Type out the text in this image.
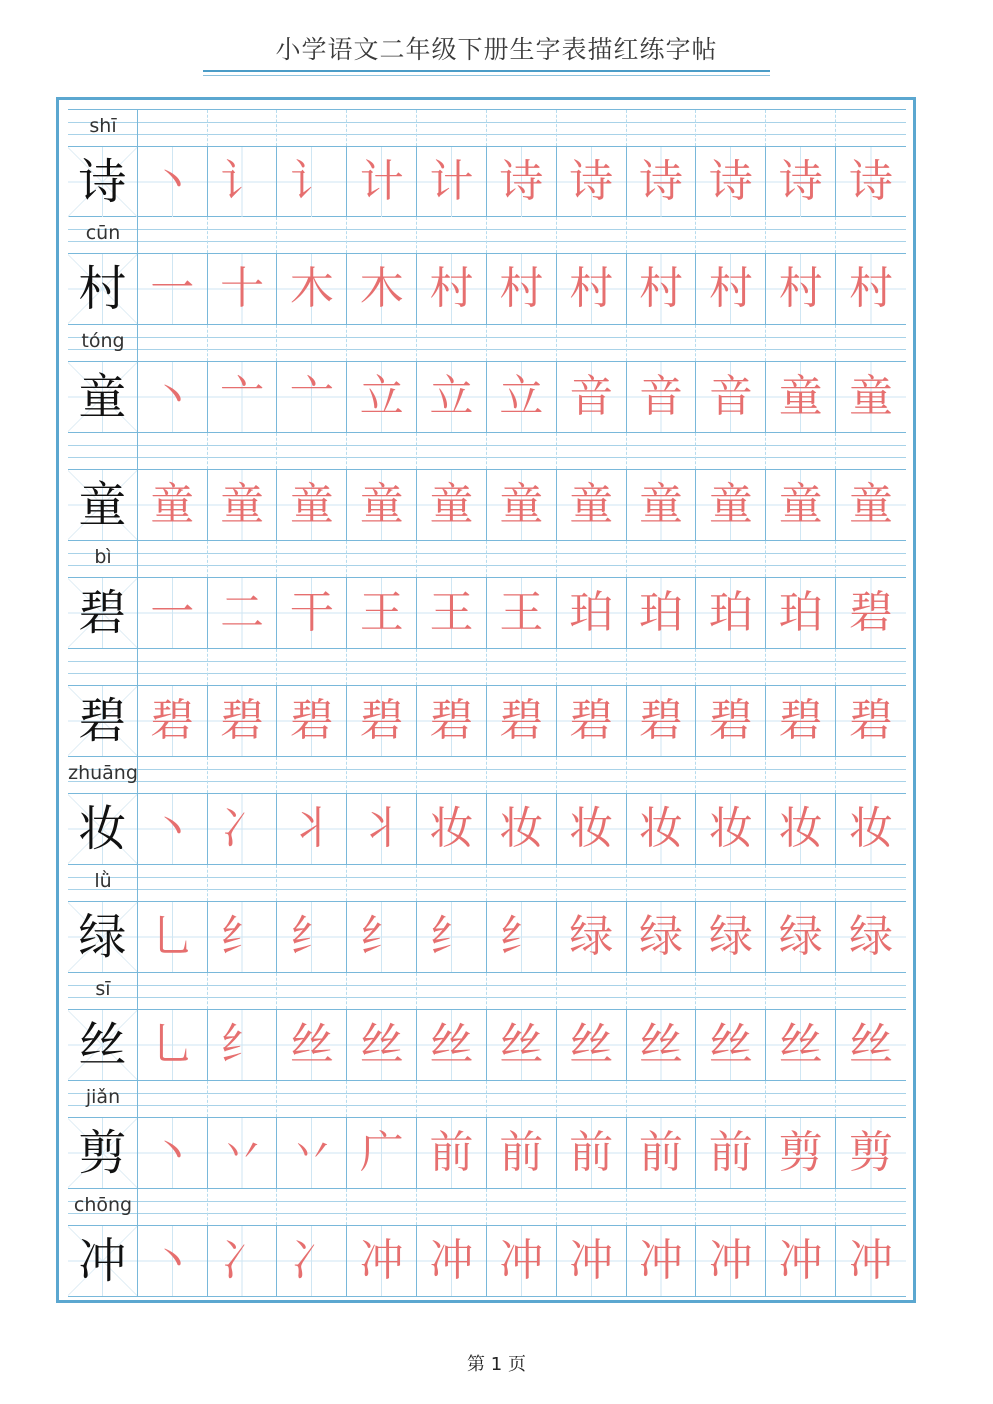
小学语文二年级下册生字表描红练字帖
shī
诗 丶 讠 讠 计 计 诗 诗 诗 诗 诗 诗
cūn
村 一 十 木 木 村 村 村 村 村 村 村
tóng
童 丶 亠 亠 立 立 立 音 音 音 童 童
童 童 童 童 童 童 童 童 童 童 童 童
bì
碧 一 二 干 王 王 王 珀 珀 珀 珀 碧
碧 碧 碧 碧 碧 碧 碧 碧 碧 碧 碧 碧
zhuāng
妆 丶 冫 丬 丬 妆 妆 妆 妆 妆 妆 妆
lǜ
绿 乚 纟 纟 纟 纟 纟 绿 绿 绿 绿 绿
sī
丝 乚 纟 丝 丝 丝 丝 丝 丝 丝 丝 丝
jiǎn
剪 丶 丷 丷 广 前 前 前 前 前 剪 剪
chōng
冲 丶 冫 冫 冲 冲 冲 冲 冲 冲 冲 冲
第 1 页
